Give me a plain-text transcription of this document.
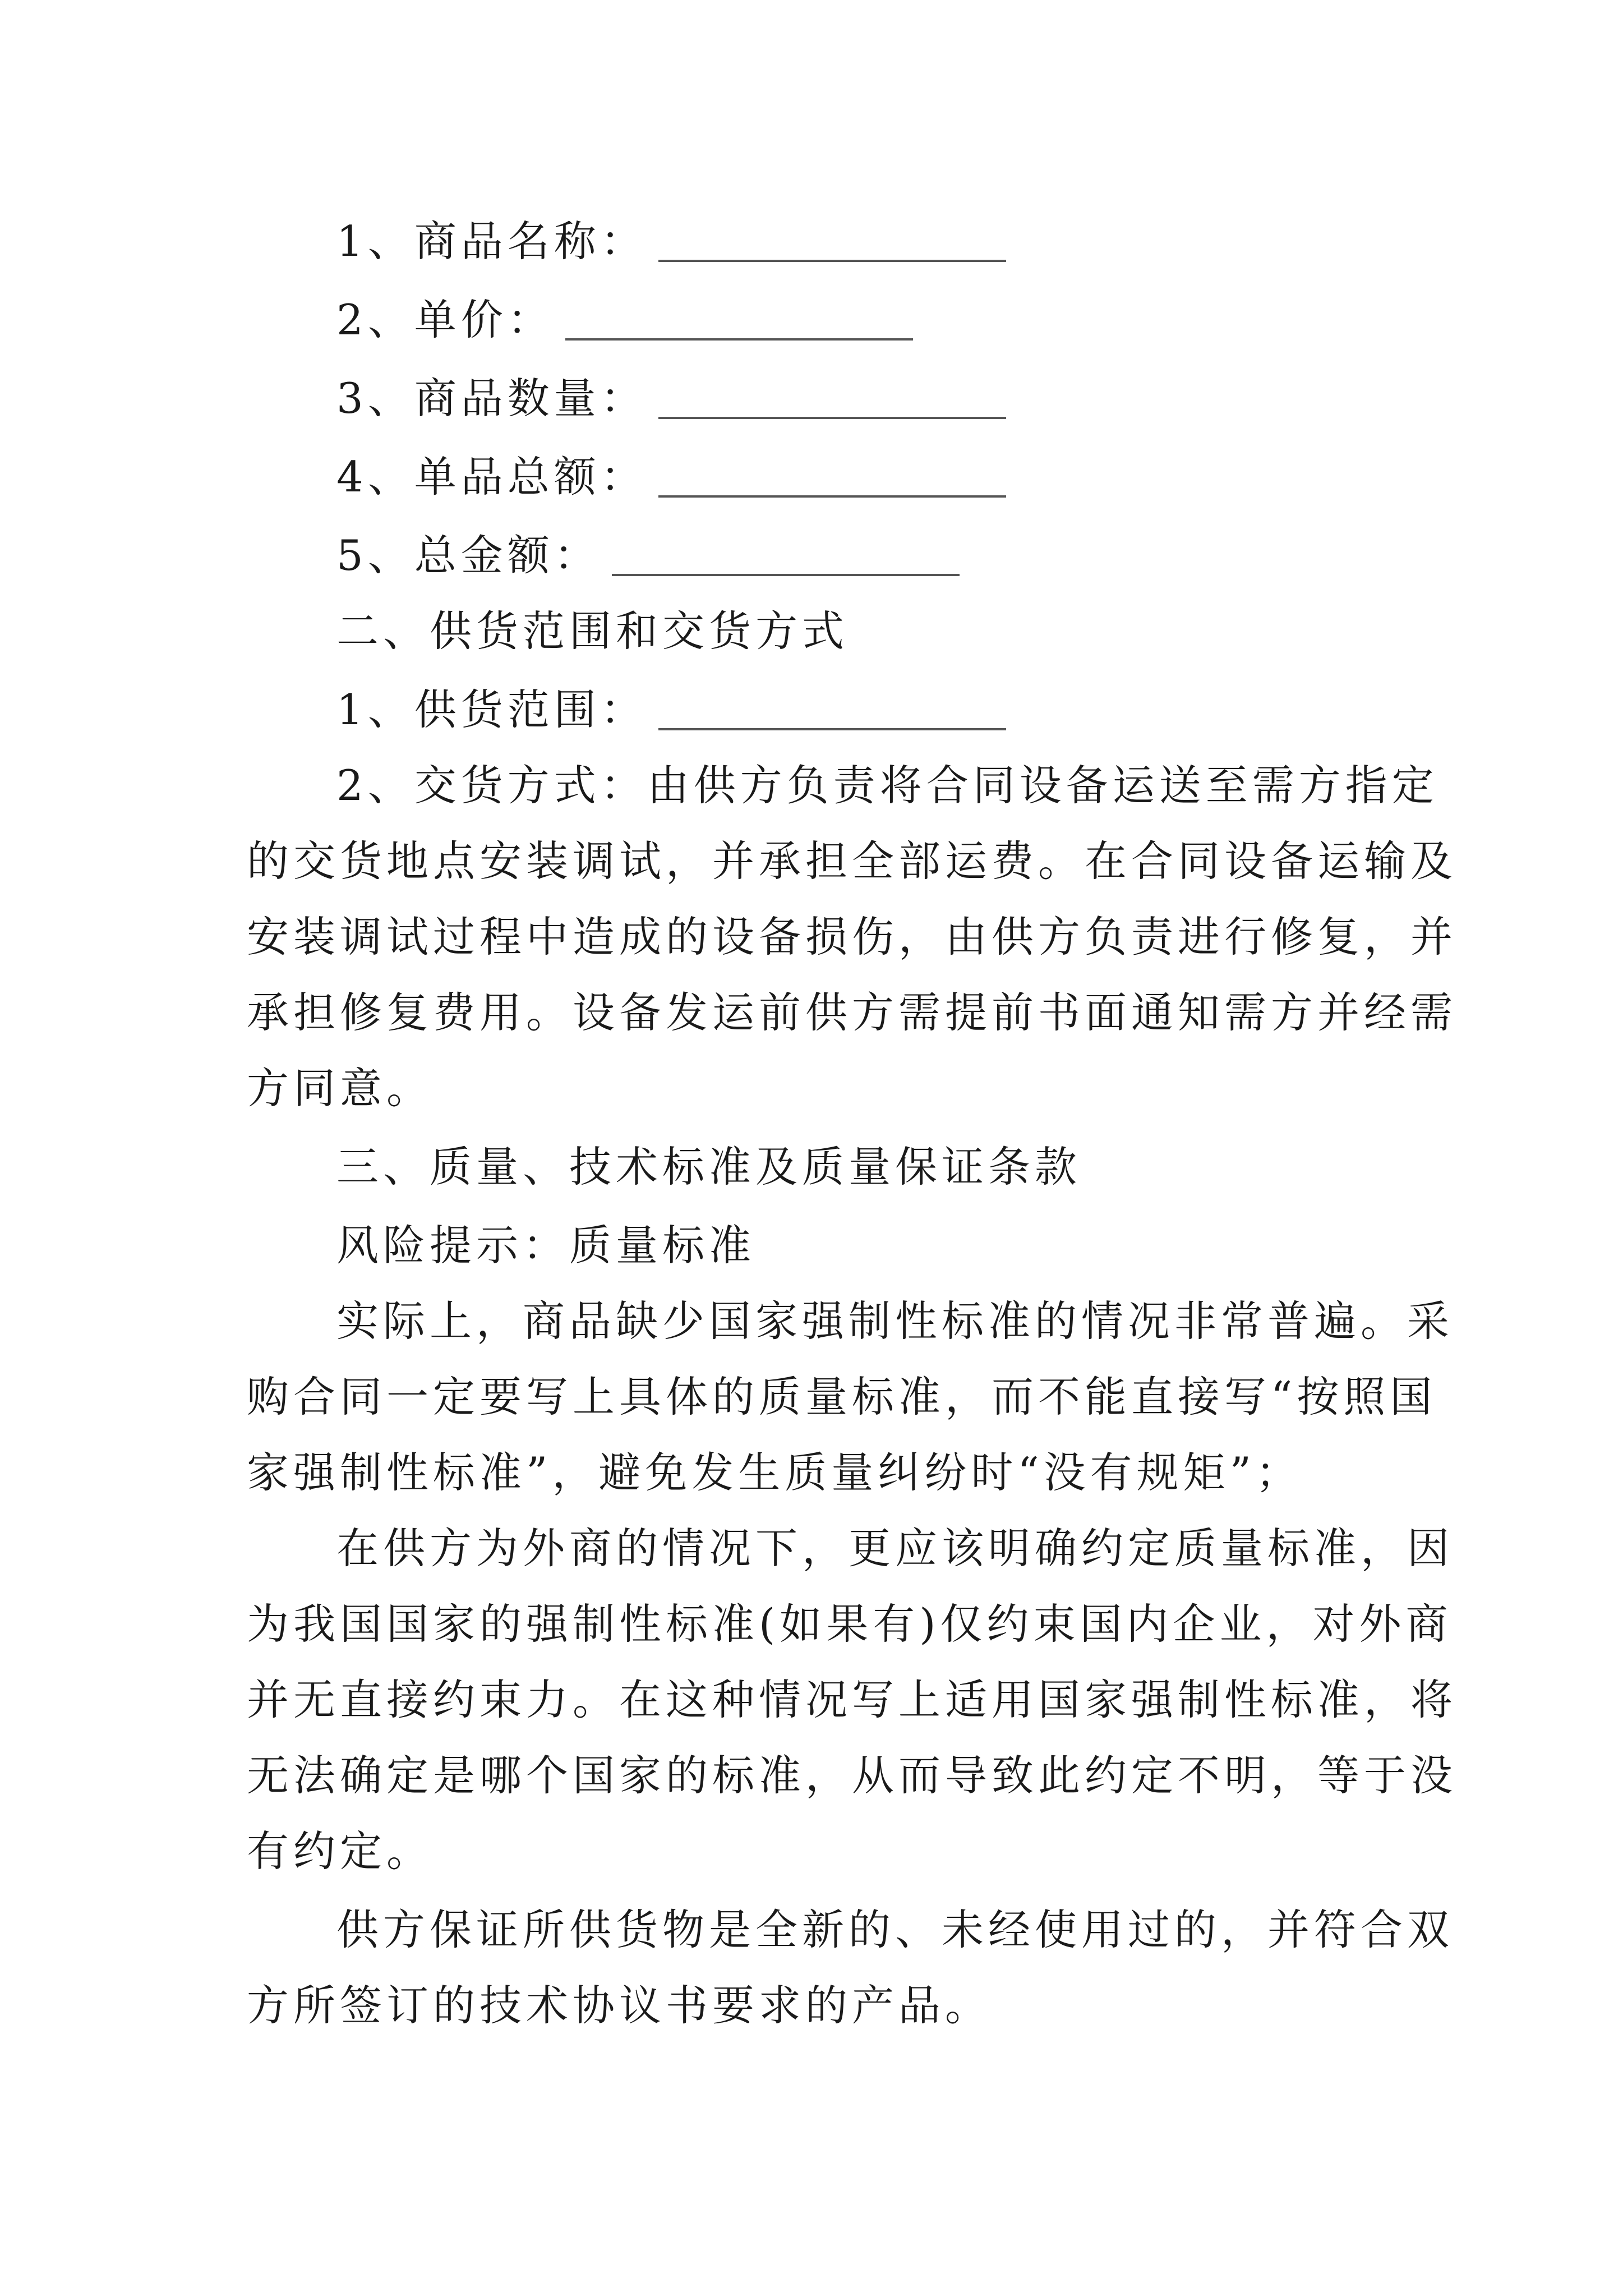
1、商品名称：
2、单价：
3、商品数量：
4、单品总额：
5、总金额：
二、供货范围和交货方式
1、供货范围：
2、交货方式：由供方负责将合同设备运送至需方指定
的交货地点安装调试，并承担全部运费。在合同设备运输及
安装调试过程中造成的设备损伤，由供方负责进行修复，并
承担修复费用。设备发运前供方需提前书面通知需方并经需
方同意。
三、质量、技术标准及质量保证条款
风险提示：质量标准
实际上，商品缺少国家强制性标准的情况非常普遍。采
购合同一定要写上具体的质量标准，而不能直接写“按照国
家强制性标准”，避免发生质量纠纷时“没有规矩”；
在供方为外商的情况下，更应该明确约定质量标准，因
为我国国家的强制性标准(如果有)仅约束国内企业，对外商
并无直接约束力。在这种情况写上适用国家强制性标准，将
无法确定是哪个国家的标准，从而导致此约定不明，等于没
有约定。
供方保证所供货物是全新的、未经使用过的，并符合双
方所签订的技术协议书要求的产品。
